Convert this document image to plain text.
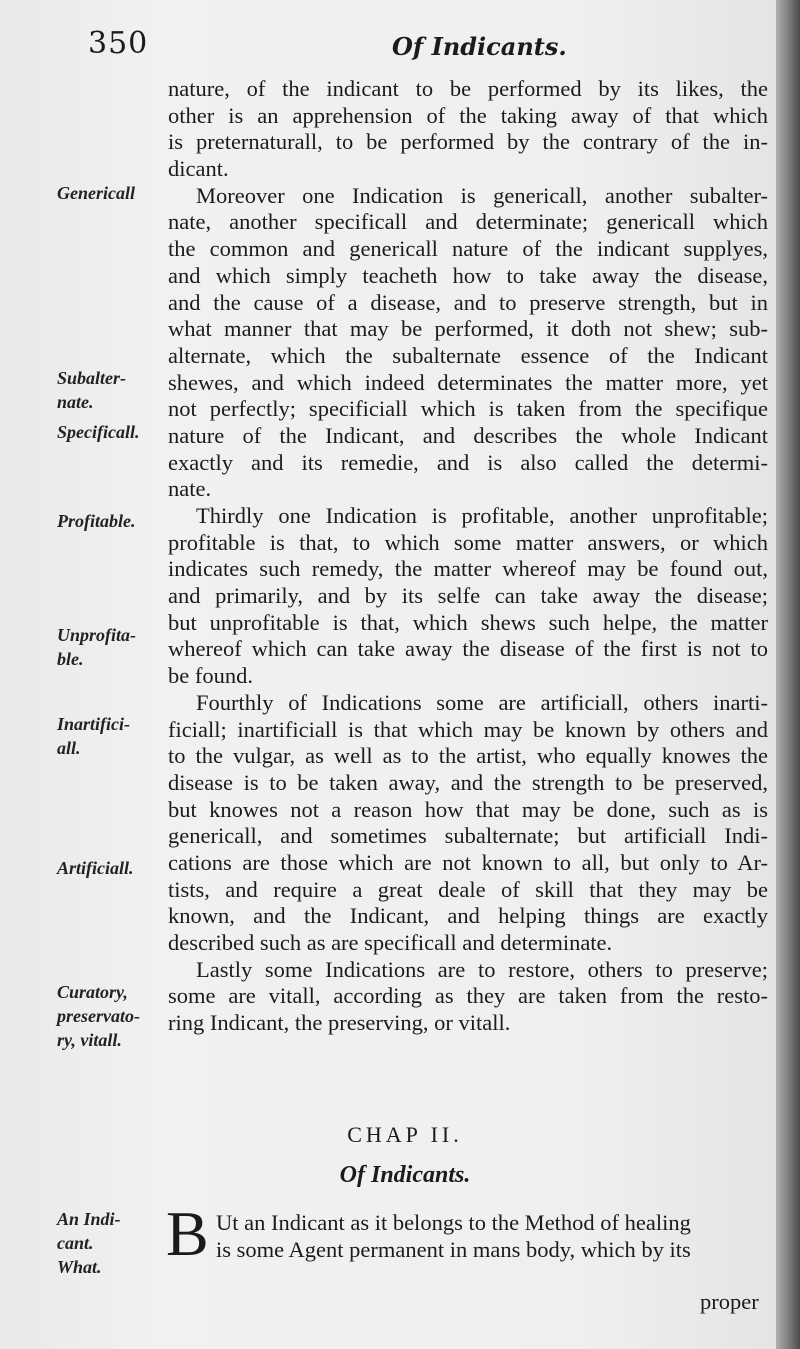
350	Of Indicants.
nature, of the indicant to be performed by its likes, the
other is an apprehension of the taking away of that which
is preternaturall, to be performed by the contrary of the in-
dicant.
Moreover one Indication is genericall, another subalter-
nate, another specificall and determinate; genericall which
the common and genericall nature of the indicant supplyes,
and which simply teacheth how to take away the disease,
and the cause of a disease, and to preserve strength, but in
what manner that may be performed, it doth not shew; sub-
alternate, which the subalternate essence of the Indicant
shewes, and which indeed determinates the matter more, yet
not perfectly; specificiall which is taken from the specifique
nature of the Indicant, and describes the whole Indicant
exactly and its remedie, and is also called the determi-
nate.
Thirdly one Indication is profitable, another unprofitable;
profitable is that, to which some matter answers, or which
indicates such remedy, the matter whereof may be found out,
and primarily, and by its selfe can take away the disease;
but unprofitable is that, which shews such helpe, the matter
whereof which can take away the disease of the first is not to
be found.
Fourthly of Indications some are artificiall, others inarti-
ficiall; inartificiall is that which may be known by others and
to the vulgar, as well as to the artist, who equally knowes the
disease is to be taken away, and the strength to be preserved,
but knowes not a reason how that may be done, such as is
genericall, and sometimes subalternate; but artificiall Indi-
cations are those which are not known to all, but only to Ar-
tists, and require a great deale of skill that they may be
known, and the Indicant, and helping things are exactly
described such as are specificall and determinate.
Lastly some Indications are to restore, others to preserve;
some are vitall, according as they are taken from the resto-
ring Indicant, the preserving, or vitall.
Genericall
Subalter-
nate.
Specificall.
Profitable.
Unprofita-
ble.
Inartifici-
all.
Artificiall.
Curatory,
preservato-
ry, vitall.
An Indi-
cant.
What.
CHAP II.
Of Indicants.
B Ut an Indicant as it belongs to the Method of healing
is some Agent permanent in mans body, which by its
proper
